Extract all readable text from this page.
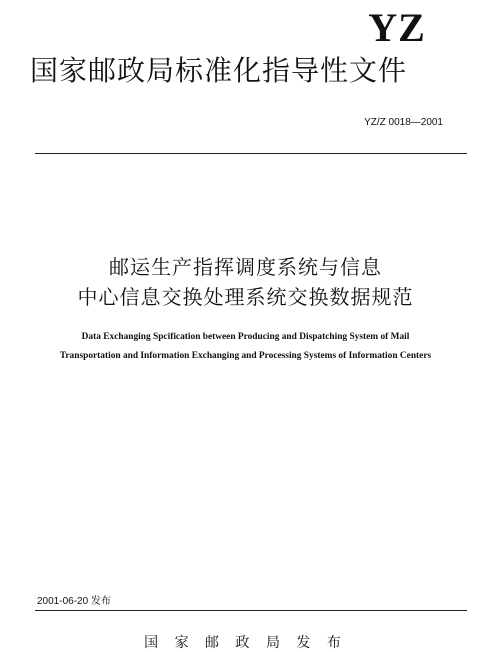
YZ
国家邮政局标准化指导性文件
YZ/Z 0018—2001
邮运生产指挥调度系统与信息
中心信息交换处理系统交换数据规范
Data Exchanging Spcification between Producing and Dispatching System of Mail
Transportation and Information Exchanging and Processing Systems of Information Centers
2001-06-20 发布
国 家 邮 政 局 发 布
